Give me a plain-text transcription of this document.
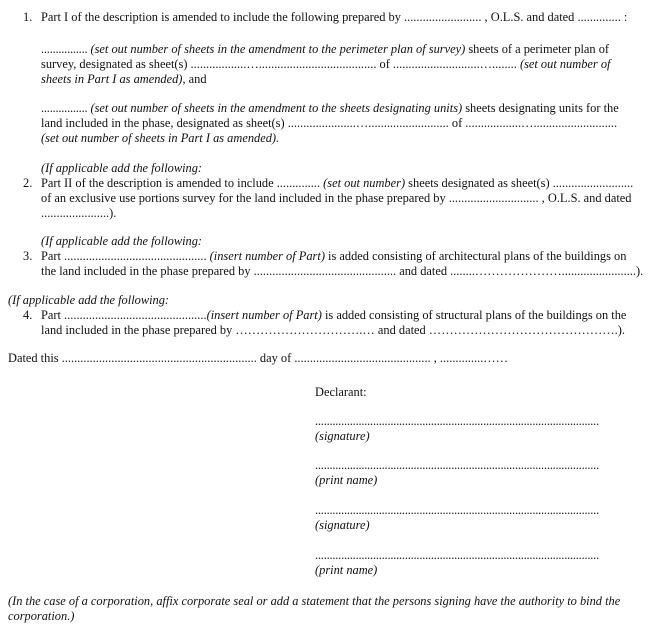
1. Part I of the description is amended to include the following prepared by ......................... , O.L.S. and dated .............. :
................ (set out number of sheets in the amendment to the perimeter plan of survey) sheets of a perimeter plan of
survey, designated as sheet(s) ..................…...................................... of ............................…........ (set out number of
sheets in Part I as amended), and
................ (set out number of sheets in the amendment to the sheets designating units) sheets designating units for the
land included in the phase, designated as sheet(s) ......................….......................... of ..................…...........................
(set out number of sheets in Part I as amended).
(If applicable add the following:
2. Part II of the description is amended to include .............. (set out number) sheets designated as sheet(s) ..........................
of an exclusive use portions survey for the land included in the phase prepared by ............................. , O.L.S. and dated
......................).
(If applicable add the following:
3. Part .............................................. (insert number of Part) is added consisting of architectural plans of the buildings on
the land included in the phase prepared by .............................................. and dated ........…………………........................).
(If applicable add the following:
4. Part ..............................................(insert number of Part) is added consisting of structural plans of the buildings on the
land included in the phase prepared by ………………………….… and dated ……………………………………….).
Dated this ............................................................... day of ............................................ , ..............……
Declarant:
..................................................................................................
(signature)
..................................................................................................
(print name)
..................................................................................................
(signature)
..................................................................................................
(print name)
(In the case of a corporation, affix corporate seal or add a statement that the persons signing have the authority to bind the
corporation.)
